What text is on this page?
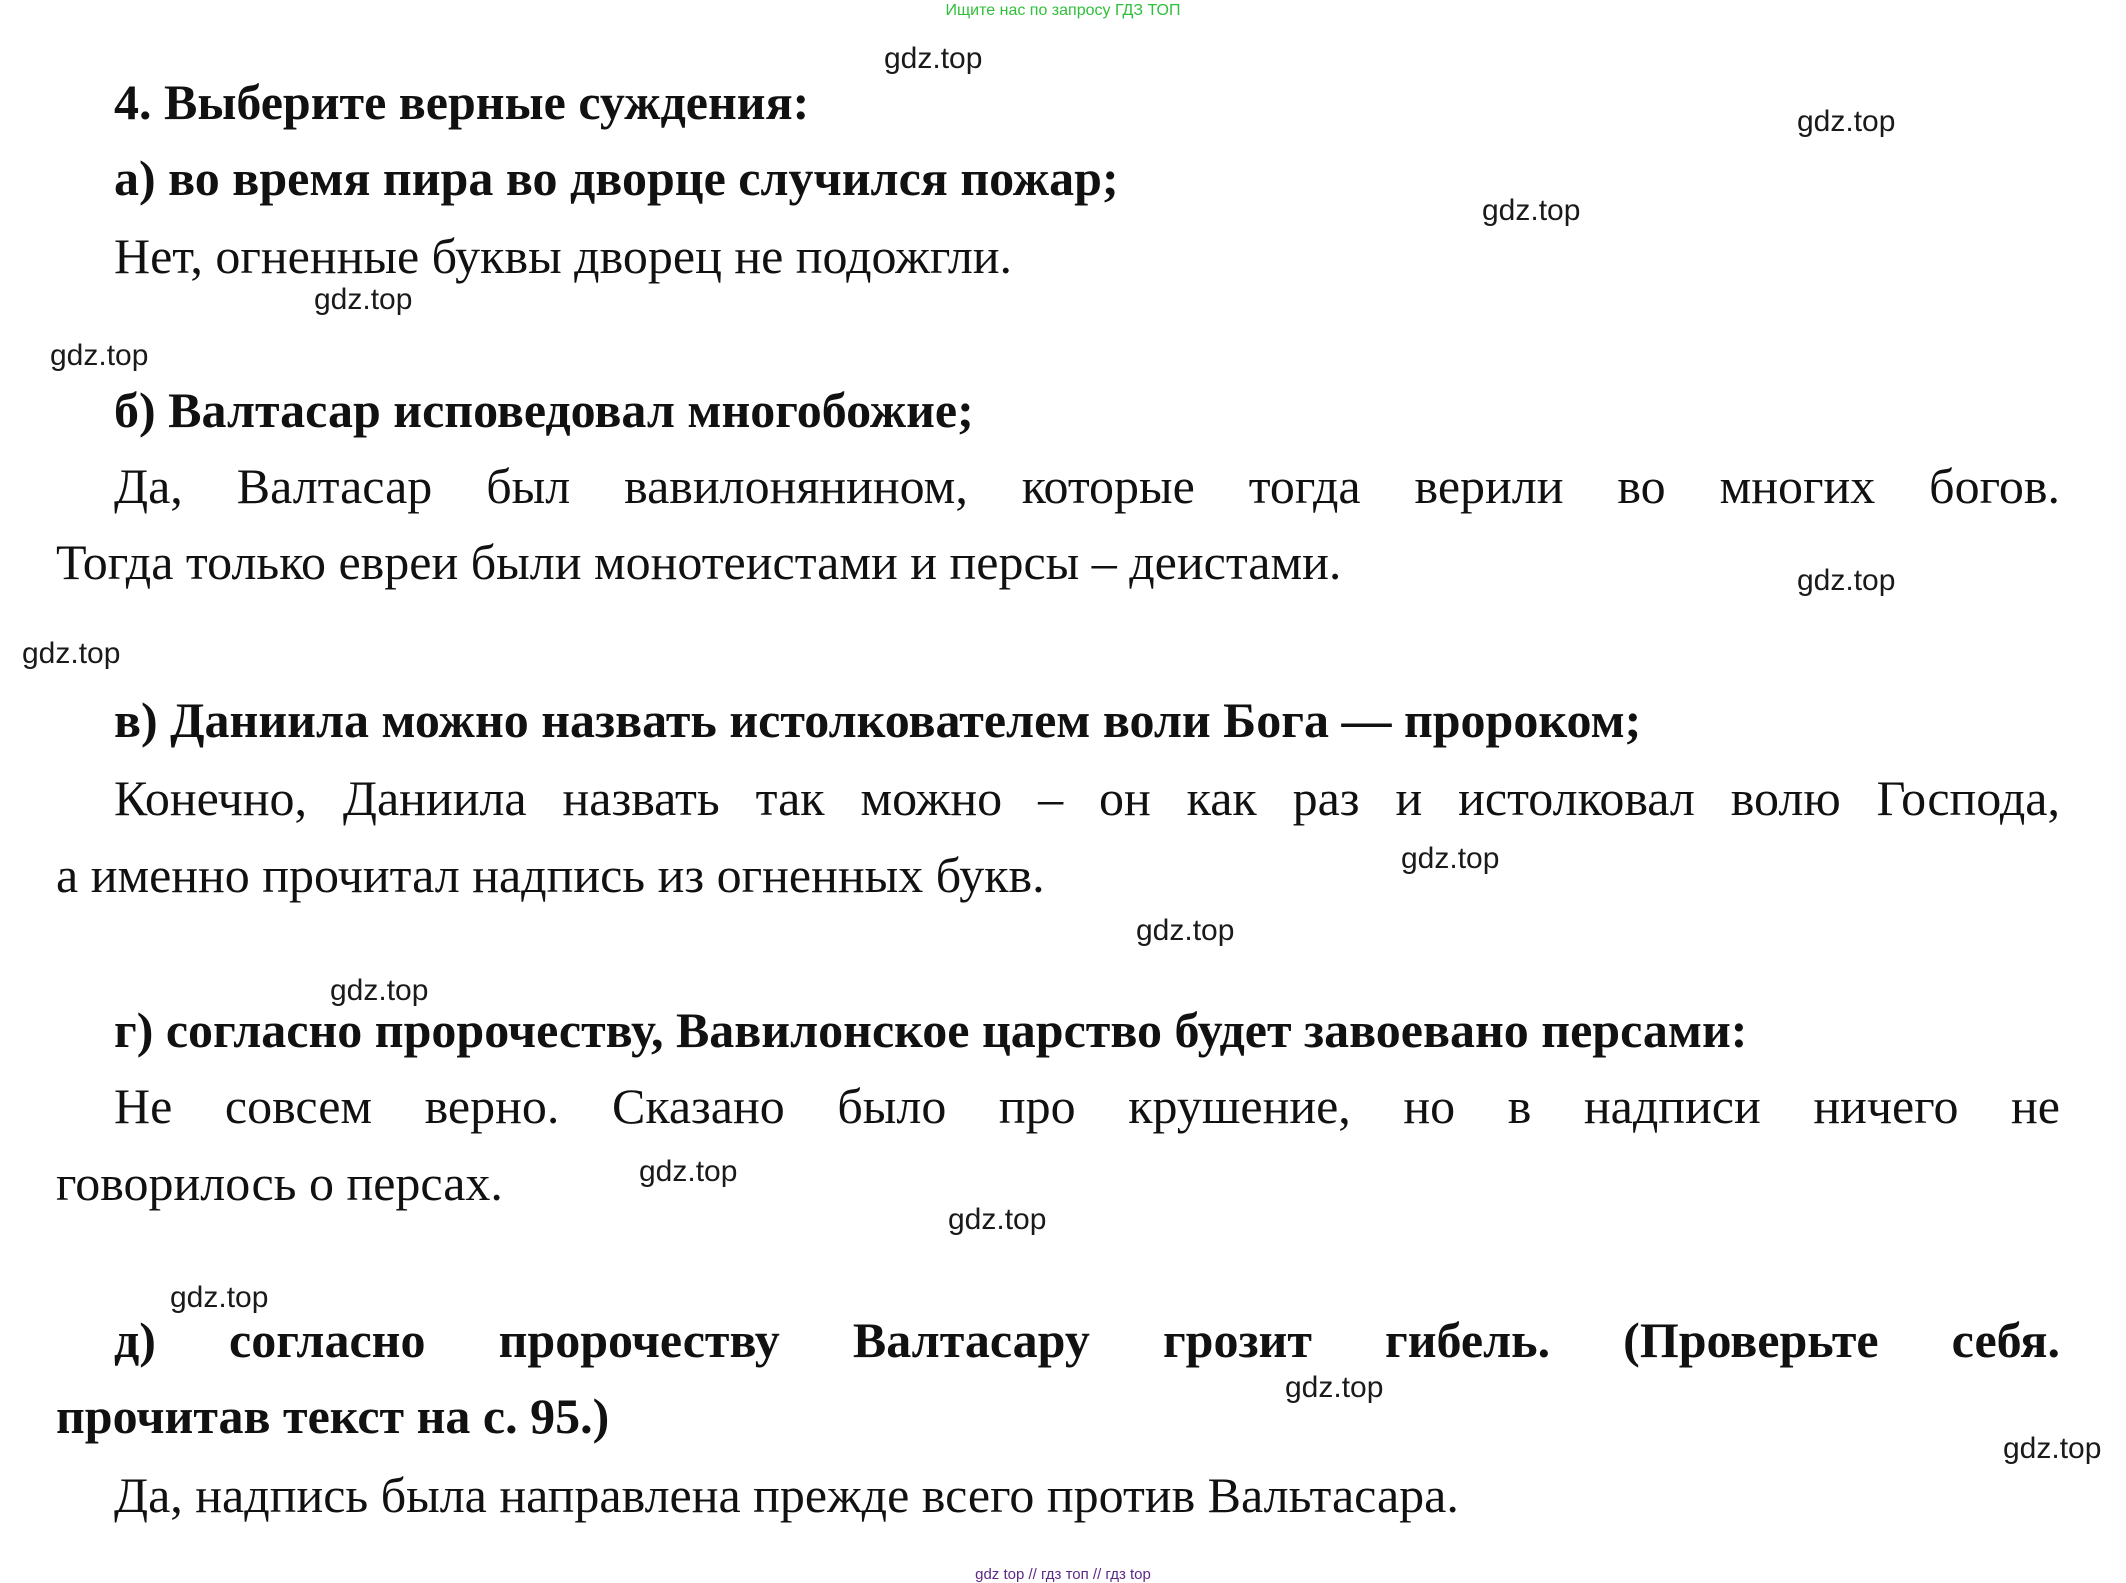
Ищите нас по запросу ГДЗ ТОП

4. Выберите верные суждения:

а) во время пира во дворце случился пожар;

Нет, огненные буквы дворец не подожгли.

б) Валтасар исповедовал многобожие;

Да, Валтасар был вавилонянином, которые тогда верили во многих богов.

Тогда только евреи были монотеистами и персы – деистами.

в) Даниила можно назвать истолкователем воли Бога — пророком;

Конечно, Даниила назвать так можно – он как раз и истолковал волю Господа,

а именно прочитал надпись из огненных букв.

г) согласно пророчеству, Вавилонское царство будет завоевано персами:

Не совсем верно. Сказано было про крушение, но в надписи ничего не

говорилось о персах.

д) согласно пророчеству Валтасару грозит гибель. (Проверьте себя.

прочитав текст на с. 95.)

Да, надпись была направлена прежде всего против Вальтасара.

gdz.top
gdz.top
gdz.top
gdz.top
gdz.top
gdz.top
gdz.top
gdz.top
gdz.top
gdz.top
gdz.top
gdz.top
gdz.top
gdz.top
gdz.top
gdz top // гдз топ // гдз top
